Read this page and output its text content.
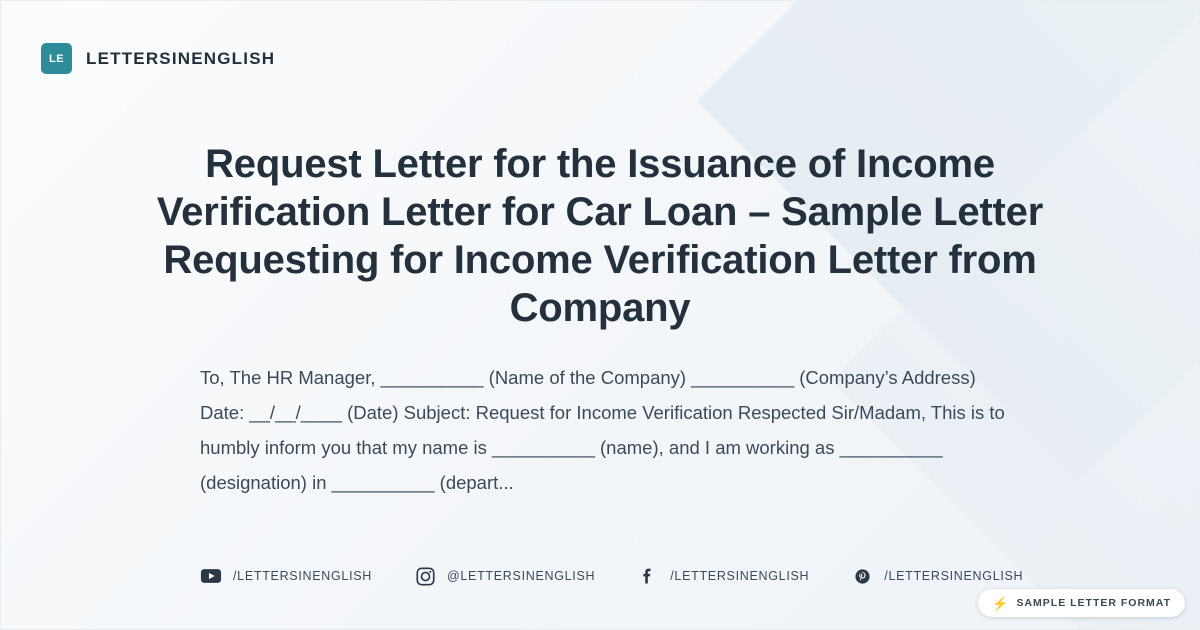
LE	LETTERSINENGLISH
Request Letter for the Issuance of Income Verification Letter for Car Loan – Sample Letter Requesting for Income Verification Letter from Company

To, The HR Manager, __________ (Name of the Company) __________ (Company’s Address) Date: __/__/____ (Date) Subject: Request for Income Verification Respected Sir/Madam, This is to humbly inform you that my name is __________ (name), and I am working as __________ (designation) in __________ (depart...

/LETTERSINENGLISH	@LETTERSINENGLISH	/LETTERSINENGLISH	/LETTERSINENGLISH
⚡ SAMPLE LETTER FORMAT
